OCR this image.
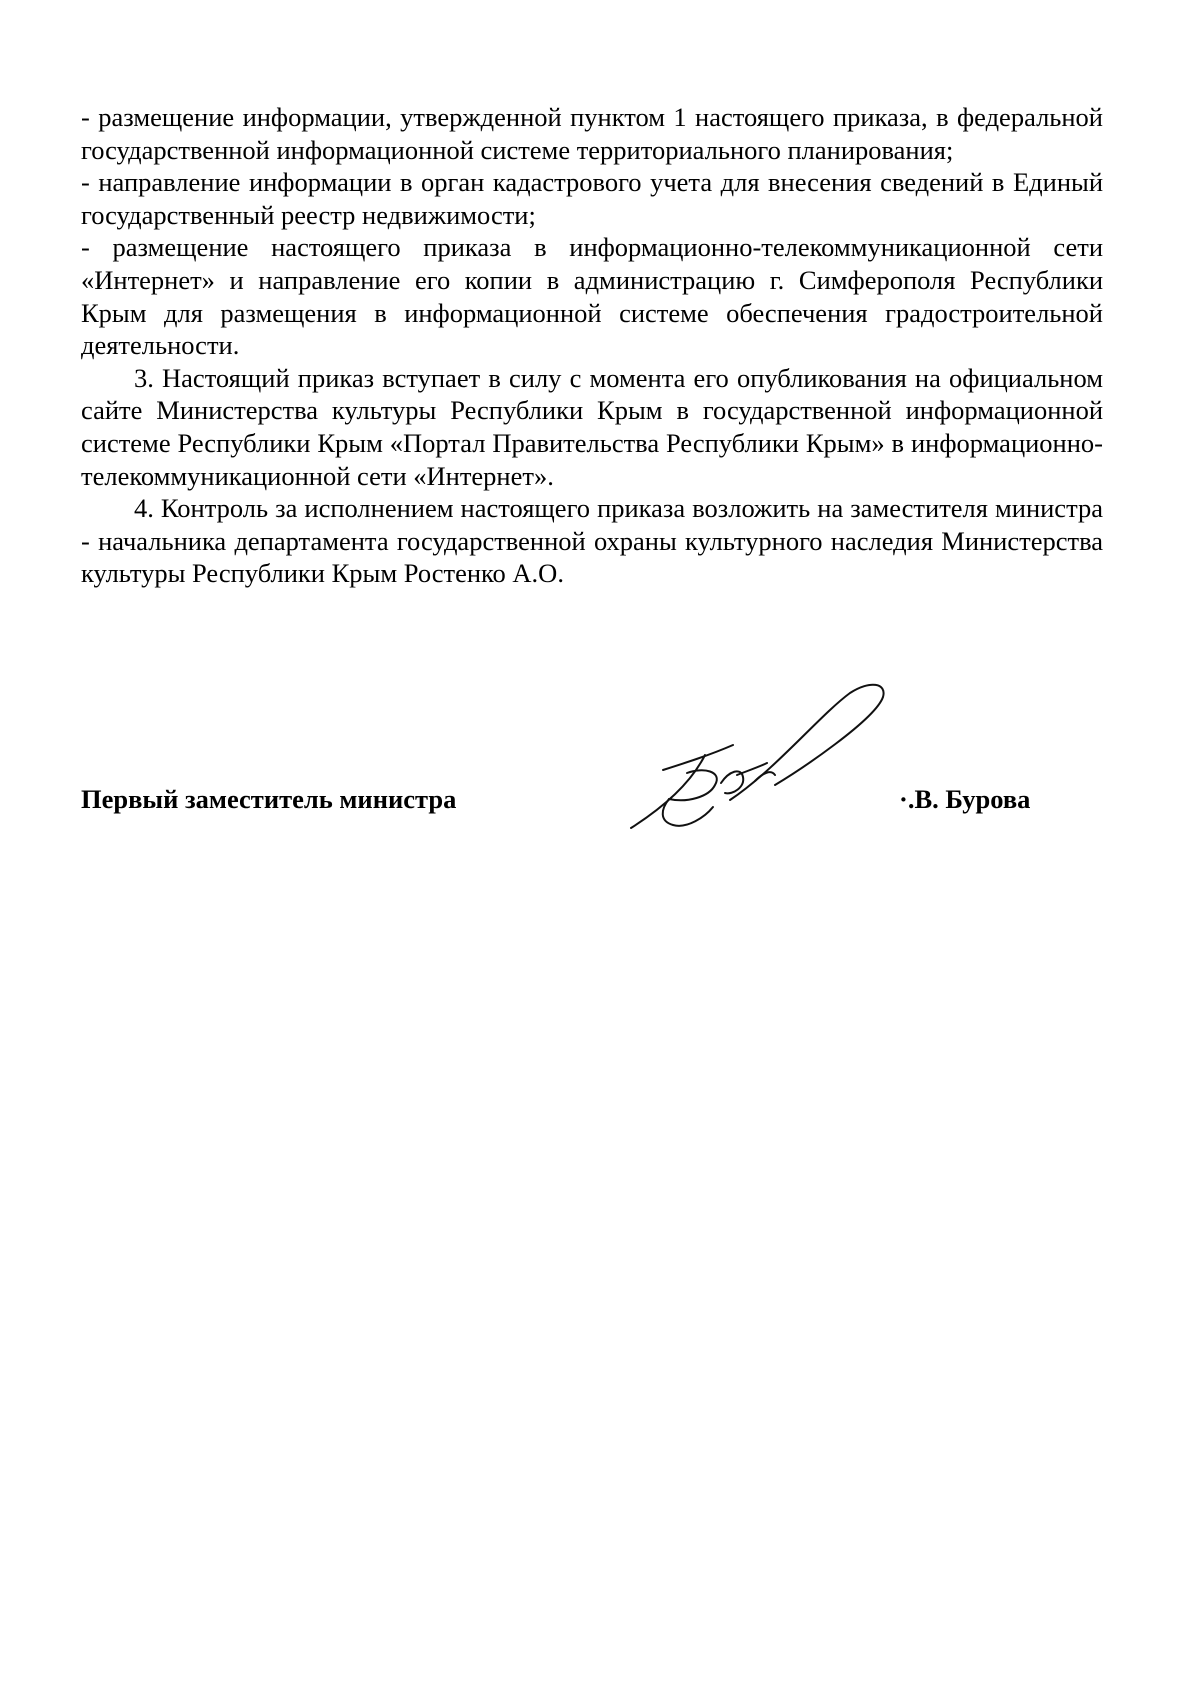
- размещение информации, утвержденной пунктом 1 настоящего приказа, в федеральной государственной информационной системе территориального планирования;

- направление информации в орган кадастрового учета для внесения сведений в Единый государственный реестр недвижимости;

- размещение настоящего приказа в информационно-телекоммуникационной сети «Интернет» и направление его копии в администрацию г. Симферополя Республики Крым для размещения в информационной системе обеспечения градостроительной деятельности.

3. Настоящий приказ вступает в силу с момента его опубликования на официальном сайте Министерства культуры Республики Крым в государственной информационной системе Республики Крым «Портал Правительства Республики Крым» в информационно-телекоммуникационной сети «Интернет».

4. Контроль за исполнением настоящего приказа возложить на заместителя министра - начальника департамента государственной охраны культурного наследия Министерства культуры Республики Крым Ростенко А.О.

Первый заместитель министра	·.В. Бурова
